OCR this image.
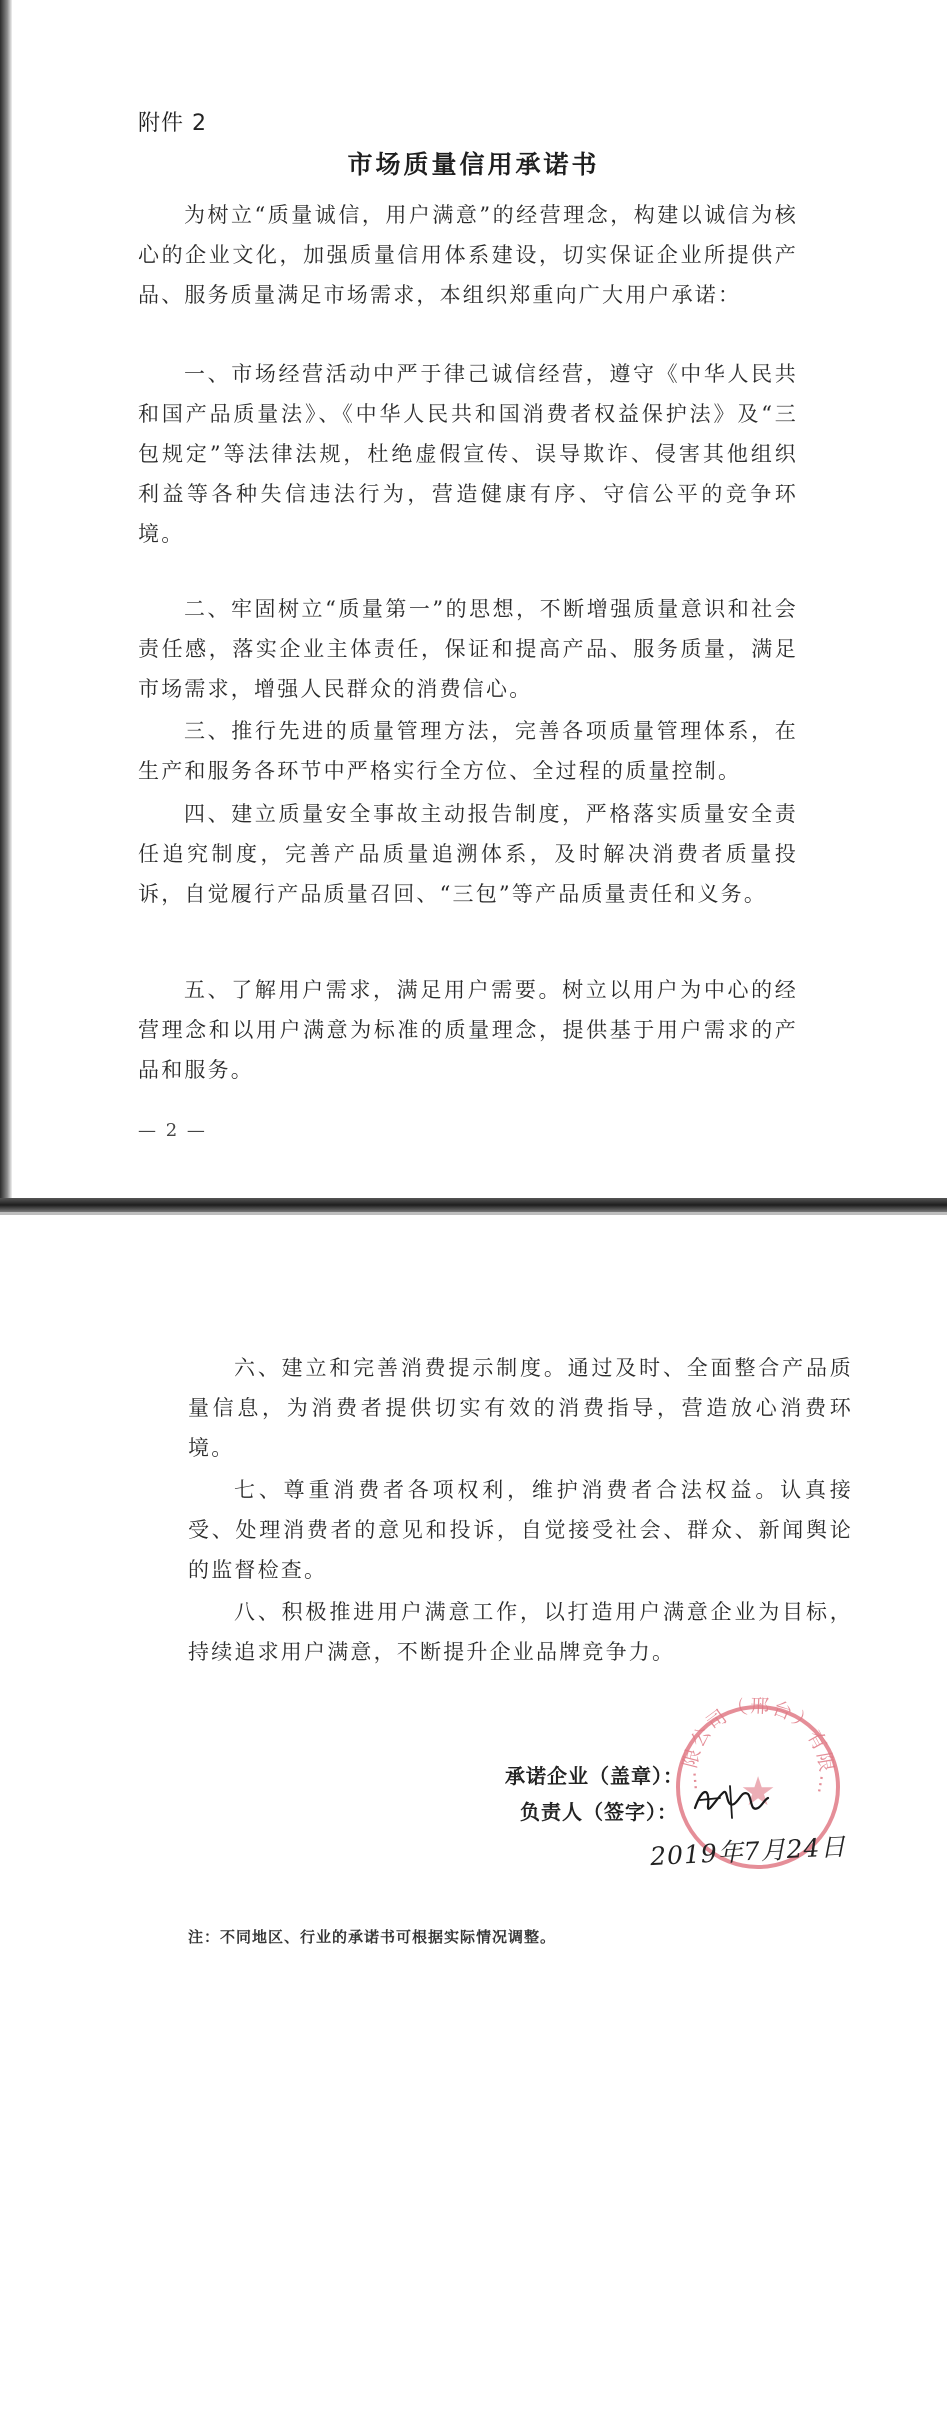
附件 2
市场质量信用承诺书

为树立“质量诚信，用户满意”的经营理念，构建以诚信为核心的企业文化，加强质量信用体系建设，切实保证企业所提供产品、服务质量满足市场需求，本组织郑重向广大用户承诺：

一、市场经营活动中严于律己诚信经营，遵守《中华人民共和国产品质量法》、《中华人民共和国消费者权益保护法》及“三包规定”等法律法规，杜绝虚假宣传、误导欺诈、侵害其他组织利益等各种失信违法行为，营造健康有序、守信公平的竞争环境。

二、牢固树立“质量第一”的思想，不断增强质量意识和社会责任感，落实企业主体责任，保证和提高产品、服务质量，满足市场需求，增强人民群众的消费信心。

三、推行先进的质量管理方法，完善各项质量管理体系，在生产和服务各环节中严格实行全方位、全过程的质量控制。

四、建立质量安全事故主动报告制度，严格落实质量安全责任追究制度，完善产品质量追溯体系，及时解决消费者质量投诉，自觉履行产品质量召回、“三包”等产品质量责任和义务。

五、了解用户需求，满足用户需要。树立以用户为中心的经营理念和以用户满意为标准的质量理念，提供基于用户需求的产品和服务。

— 2 —

六、建立和完善消费提示制度。通过及时、全面整合产品质量信息，为消费者提供切实有效的消费指导，营造放心消费环境。

七、尊重消费者各项权利，维护消费者合法权益。认真接受、处理消费者的意见和投诉，自觉接受社会、群众、新闻舆论的监督检查。

八、积极推进用户满意工作，以打造用户满意企业为目标，持续追求用户满意，不断提升企业品牌竞争力。

…限公司（邢台）有限…
★
承诺企业（盖章）：
负责人（签字）：
2019年7月24日
注：不同地区、行业的承诺书可根据实际情况调整。
